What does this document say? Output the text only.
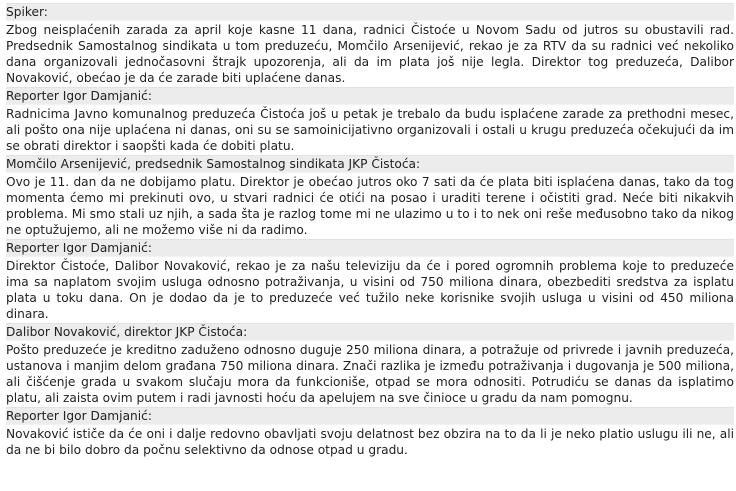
Spiker:
Zbog neisplaćenih zarada za april koje kasne 11 dana, radnici Čistoće u Novom Sadu od jutros su obustavili rad. Predsednik Samostalnog sindikata u tom preduzeću, Momčilo Arsenijević, rekao je za RTV da su radnici već nekoliko dana organizovali jednočasovni štrajk upozorenja, ali da im plata još nije legla. Direktor tog preduzeća, Dalibor Novaković, obećao je da će zarade biti uplaćene danas.
Reporter Igor Damjanić:
Radnicima Javno komunalnog preduzeća Čistoća još u petak je trebalo da budu isplaćene zarade za prethodni mesec, ali pošto ona nije uplaćena ni danas, oni su se samoinicijativno organizovali i ostali u krugu preduzeća očekujući da im se obrati direktor i saopšti kada će dobiti platu.
Momčilo Arsenijević, predsednik Samostalnog sindikata JKP Čistoća:
Ovo je 11. dan da ne dobijamo platu. Direktor je obećao jutros oko 7 sati da će plata biti isplaćena danas, tako da tog momenta ćemo mi prekinuti ovo, u stvari radnici će otići na posao i uraditi terene i očistiti grad. Neće biti nikakvih problema. Mi smo stali uz njih, a sada šta je razlog tome mi ne ulazimo u to i to nek oni reše međusobno tako da nikog ne optužujemo, ali ne možemo više ni da radimo.
Reporter Igor Damjanić:
Direktor Čistoće, Dalibor Novaković, rekao je za našu televiziju da će i pored ogromnih problema koje to preduzeće ima sa naplatom svojim usluga odnosno potraživanja, u visini od 750 miliona dinara, obezbediti sredstva za isplatu plata u toku dana. On je dodao da je to preduzeće već tužilo neke korisnike svojih usluga u visini od 450 miliona dinara.
Dalibor Novaković, direktor JKP Čistoća:
Pošto preduzeće je kreditno zaduženo odnosno duguje 250 miliona dinara, a potražuje od privrede i javnih preduzeća, ustanova i manjim delom građana 750 miliona dinara. Znači razlika je između potraživanja i dugovanja je 500 miliona, ali čišćenje grada u svakom slučaju mora da funkcioniše, otpad se mora odnositi. Potrudiću se danas da isplatimo platu, ali zaista ovim putem i radi javnosti hoću da apelujem na sve činioce u gradu da nam pomognu.
Reporter Igor Damjanić:
Novaković ističe da će oni i dalje redovno obavljati svoju delatnost bez obzira na to da li je neko platio uslugu ili ne, ali da ne bi bilo dobro da počnu selektivno da odnose otpad u gradu.
